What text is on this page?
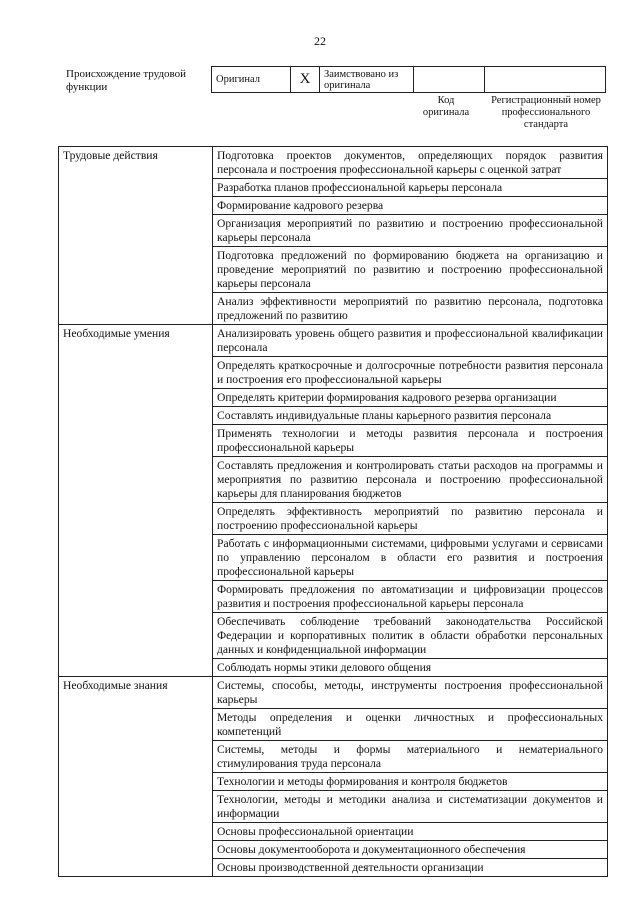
22
Происхождение трудовой функции
Оригинал	X	Заимствовано из оригинала		
Код оригинала
Регистрационный номер профессионального стандарта
Трудовые действия	Подготовка проектов документов, определяющих порядок развития персонала и построения профессиональной карьеры с оценкой затрат
	Разработка планов профессиональной карьеры персонала
	Формирование кадрового резерва
	Организация мероприятий по развитию и построению профессиональной карьеры персонала
	Подготовка предложений по формированию бюджета на организацию и проведение мероприятий по развитию и построению профессиональной карьеры персонала
	Анализ эффективности мероприятий по развитию персонала, подготовка предложений по развитию
Необходимые умения	Анализировать уровень общего развития и профессиональной квалификации персонала
	Определять краткосрочные и долгосрочные потребности развития персонала и построения его профессиональной карьеры
	Определять критерии формирования кадрового резерва организации
	Составлять индивидуальные планы карьерного развития персонала
	Применять технологии и методы развития персонала и построения профессиональной карьеры
	Составлять предложения и контролировать статьи расходов на программы и мероприятия по развитию персонала и построению профессиональной карьеры для планирования бюджетов
	Определять эффективность мероприятий по развитию персонала и построению профессиональной карьеры
	Работать с информационными системами, цифровыми услугами и сервисами по управлению персоналом в области его развития и построения профессиональной карьеры
	Формировать предложения по автоматизации и цифровизации процессов развития и построения профессиональной карьеры персонала
	Обеспечивать соблюдение требований законодательства Российской Федерации и корпоративных политик в области обработки персональных данных и конфиденциальной информации
	Соблюдать нормы этики делового общения
Необходимые знания	Системы, способы, методы, инструменты построения профессиональной карьеры
	Методы определения и оценки личностных и профессиональных компетенций
	Системы, методы и формы материального и нематериального стимулирования труда персонала
	Технологии и методы формирования и контроля бюджетов
	Технологии, методы и методики анализа и систематизации документов и информации
	Основы профессиональной ориентации
	Основы документооборота и документационного обеспечения
	Основы производственной деятельности организации
